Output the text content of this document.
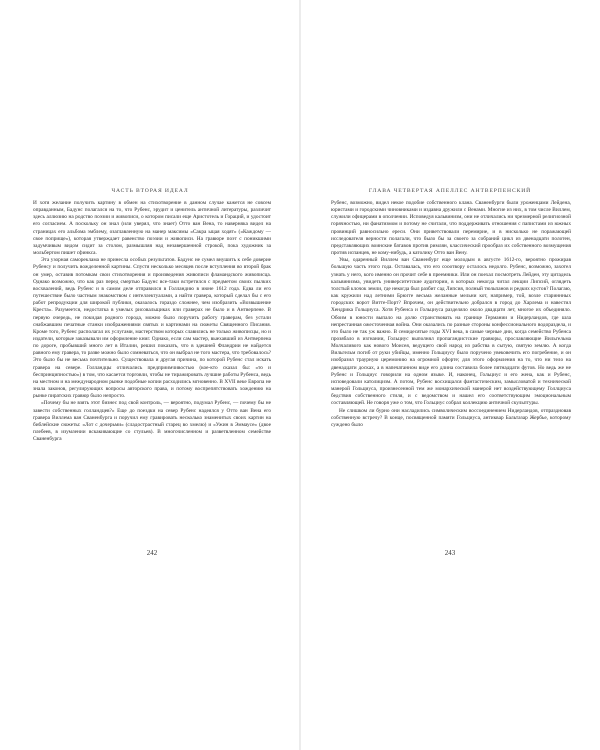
ЧАСТЬ ВТОРАЯ ИДЕАЛ

И хотя желание получить картину в обмен на стихотворение в данном случае кажется не совсем оправданным, Бадунс полагался на то, что Рубенс, эрудит и ценитель античной литературы, различит здесь аллюзию на родство поэзии и живописи, о котором писали еще Аристотель и Гораций, и удостоит его согласием. А поскольку он знал (или уверял, что знает) Отто ван Вена, то наверняка видел на страницах его альбома эмблему, озаглавленную на манер максимы «Сакра ыцая ходят» («Каждому — свое поприще»), которая утверждает равенство поэзии и живописи. На гравюре поэт с поникшими задумчивым видом сидит за столом, размышляя над незавершенной строкой, пока художник за мольбертом пишет сфинкса.

Эта узорная саморекламa не принесла особых результатов. Бадунс не сумел внушить к себе доверие Рубенсу и получить вожделенной картины. Спустя несколько месяцев после вступления во второй брак он умер, оставив потомкам свои стихотворения и произведения живописи фламандского живописца. Однако возможно, что как раз перед смертью Бадунс все-таки встретился с предметом своих пылких восхвалений, ведь Рубенс и в самом деле отправился в Голландию в июне 1612 года. Едва ли его путешествие было частным знакомством с интеллектуалами, а найти гравера, который сделал бы с его работ репродукции для широкой публики, оказалось гораздо сложнее, чем изобразить «Возвышение Креста». Разумеется, недостатка в умелых рисовальщиках или граверах не было и в Антверпене. В первую очередь, не покидая родного города, можно было поручить работу граверам, без устали снабжавшим печатные станки изображениями святых и картинами на сюжеты Священного Писания. Кроме того, Рубенс располагал их услугами, мастерством которых славились не только живописцы, но и издатели, которые заказывали им оформление книг. Однако, если сам мастер, выехавший из Антверпена по дороге, пробывший много лет в Италии, решил показать, что в здешней Фландрии не найдется равного ему гравера, то разве можно было сомневаться, что он выбрал не того мастера, что требовалось? Это было бы не весьма почтительно. Существовала и другая причина, по которой Рубенс стал искать гравера на севере. Голландцы отличались предприимчивостью (кое-кто сказал бы: «то и беспринципностью») в том, что касается торговли, чтобы не тиражировать лучшие работы Рубенса, ведь на местном и на международном рынке подобные копии расходились мгновенно. В XVII веке Европа не знала законов, регулирующих вопросы авторского права, и потому воспрепятствовать хождению на рынке пиратских гравюр было непросто.

«Почему бы не взять этот бизнес под свой контроль, — вероятно, подумал Рубенс, — почему бы не завести собственных голландцев?» Еще до поездки на север Рубенс надеялся у Отто ван Вена его гравера Виллема ван Сваненбурга и поручил ему гравировать несколько знаменитых своих картин на библейские сюжеты: «Лот с дочерьми» (сладострастный старец во хмелю) и «Ужин в Эммаусе» (двое плебеев, в изумлении вскакивающие со стульев). В многочисленном и разветвленном семействе Сваненбурга

242
ГЛАВА ЧЕТВЕРТАЯ АПЕЛЛЕС АНТВЕРПЕНСКИЙ

Рубенс, возможно, видел некое подобие собственного клана. Сваненбурги были уроженцами Лейдена, юристами и городскими чиновниками и издавна дружили с Венами. Многие из них, в том числе Виллем, служили офицерами в ополчении. Исповедуя кальвинизм, они не отличались ни чрезмерной религиозной горячностью, ни фанатизмом и потому не считали, что поддерживать отношения с папистами из южных провинций равносильно ереси. Они приветствовали перемирие, и в нисколько не поражающей исследователя верности полагали, что было бы за своего за собраний цикл из двенадцати полотен, представляющих воинские батавов против римлян, классический прообраз их собственного возмущения против испанцев, не кому-нибудь, а католику Отто ван Вену.

Увы, одаренный Виллем ван Сваненбург еще молодым в августе 1612-го, вероятно прожирав большую часть этого года. Оставалась, что его сооотвору осталось недолго. Рубенс, возможно, захотел узнать у него, кого именно он прочит себе в преемники. Или он поехал посмотреть Лейден, эту цитадель кальвинизма, увидеть университетские аудитории, в которых некогда читал лекции Липсий, оглядеть толстый клочок земли, где некогда был разбит сад Липсия, полный тюльпанов и редких кустов? Полагаю, как кружили над летними Брюгге весьма желанные мельни кот, например, той, возле стариннных городских ворот Витте-Порт? Впрочем, он действительно добрался в город до Харлема и навестил Хендрика Гольциуса. Хотя Рубенса и Гольциуса разделяло около двадцати лет, многое их объединяло. Обоим в юности выпало на долю странствовать на границе Германии и Нидерландов, где шла непрестанная ожесточенная война. Они оказались по разные стороны конфессионального водораздела, и это было не так уж важно. В семидесятые годы XVI века, в самые черные дни, когда семейство Рубенса прозябало в изгнании, Гольциус выполнял пропагандистские гравюры, прославляющие Вильгельма Молчаливого как нового Моисея, ведущего свой народ из рабства в сытую, святую землю. А когда Вильгельм погиб от руки убийцы, именно Гольциусу было поручено увековечить его погребение, и он изобразил траурную церемонию на огромной офорте; для этого оформления на то, что ни тело на двенадцати досках, а в напечатанном виде его длина составила более пятнадцати футов. Но ведь же не Рубенс и Гольциус говорили на одном языке. И, наконец, Гольциус и его жена, как и Рубенс, исповедовали католицизм. А потом, Рубенс восхищался фантастическим, замысловатой и технической манерой Гольциуса, произнесенной тем же монархической манерой нет воздействующему Голлциуса бедствия собственного стиля, и с ведомством и нашел его соответствующим эмоциональным составляющей. Не говоря уже о том, что Гольциус собрал коллекцию античной скульптуры.

Не слишком ли бурно они насладились символическим воссоединением Нидерландов, отпраздновав собственную встречу? В конце, посвященной памяти Гольциуса, антиквар Бальтазар Жербье, которому суждено было

243
